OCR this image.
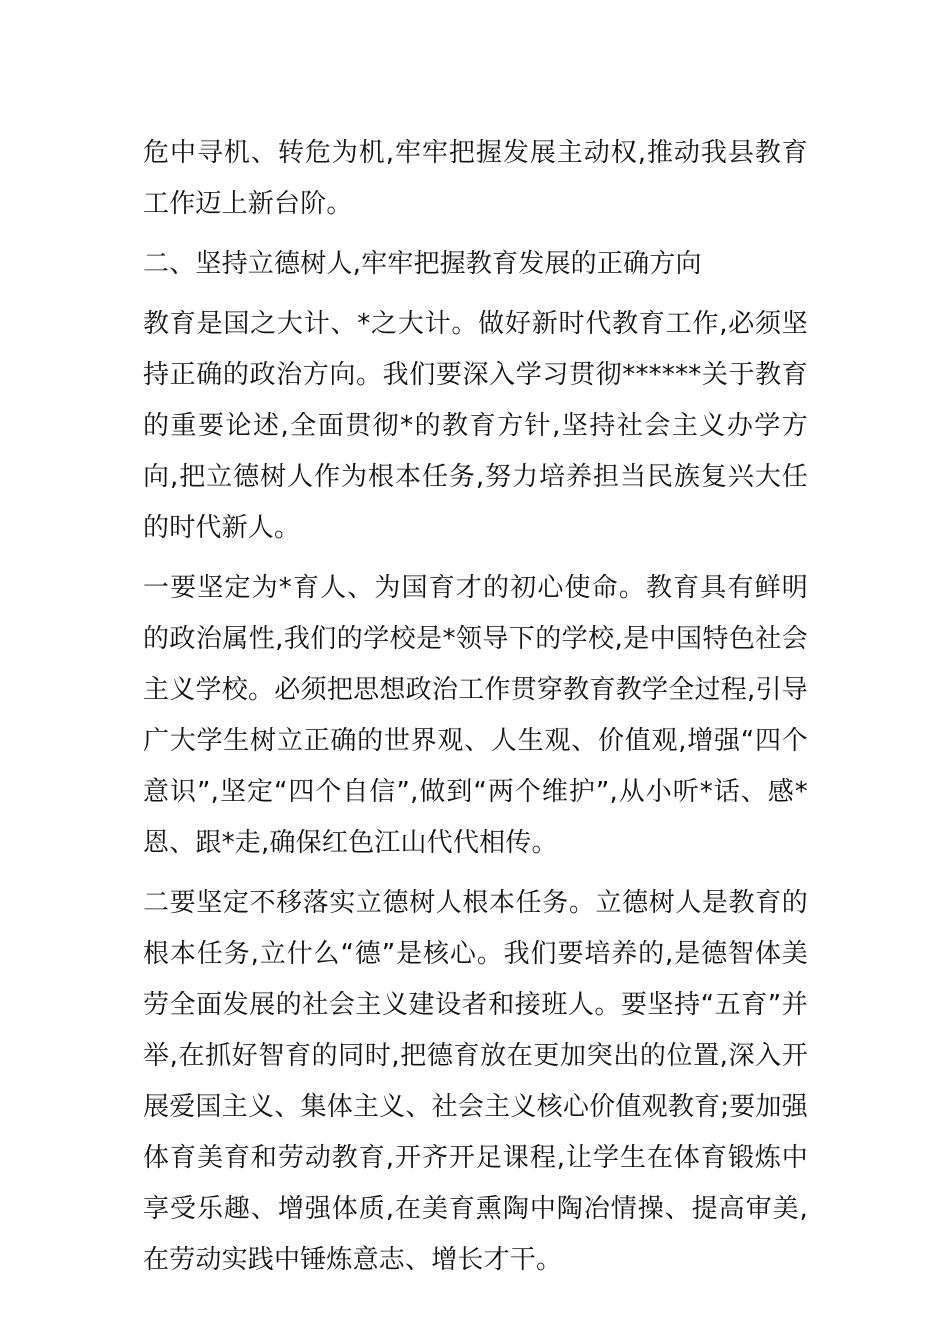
危中寻机、转危为机,牢牢把握发展主动权,推动我县教育工作迈上新台阶。

二、坚持立德树人,牢牢把握教育发展的正确方向

教育是国之大计、*之大计。做好新时代教育工作,必须坚持正确的政治方向。我们要深入学习贯彻******关于教育的重要论述,全面贯彻*的教育方针,坚持社会主义办学方向,把立德树人作为根本任务,努力培养担当民族复兴大任的时代新人。

一要坚定为*育人、为国育才的初心使命。教育具有鲜明的政治属性,我们的学校是*领导下的学校,是中国特色社会主义学校。必须把思想政治工作贯穿教育教学全过程,引导广大学生树立正确的世界观、人生观、价值观,增强“四个意识”,坚定“四个自信”,做到“两个维护”,从小听*话、感*恩、跟*走,确保红色江山代代相传。

二要坚定不移落实立德树人根本任务。立德树人是教育的根本任务,立什么“德”是核心。我们要培养的,是德智体美劳全面发展的社会主义建设者和接班人。要坚持“五育”并举,在抓好智育的同时,把德育放在更加突出的位置,深入开展爱国主义、集体主义、社会主义核心价值观教育;要加强体育美育和劳动教育,开齐开足课程,让学生在体育锻炼中享受乐趣、增强体质,在美育熏陶中陶冶情操、提高审美,在劳动实践中锤炼意志、增长才干。
